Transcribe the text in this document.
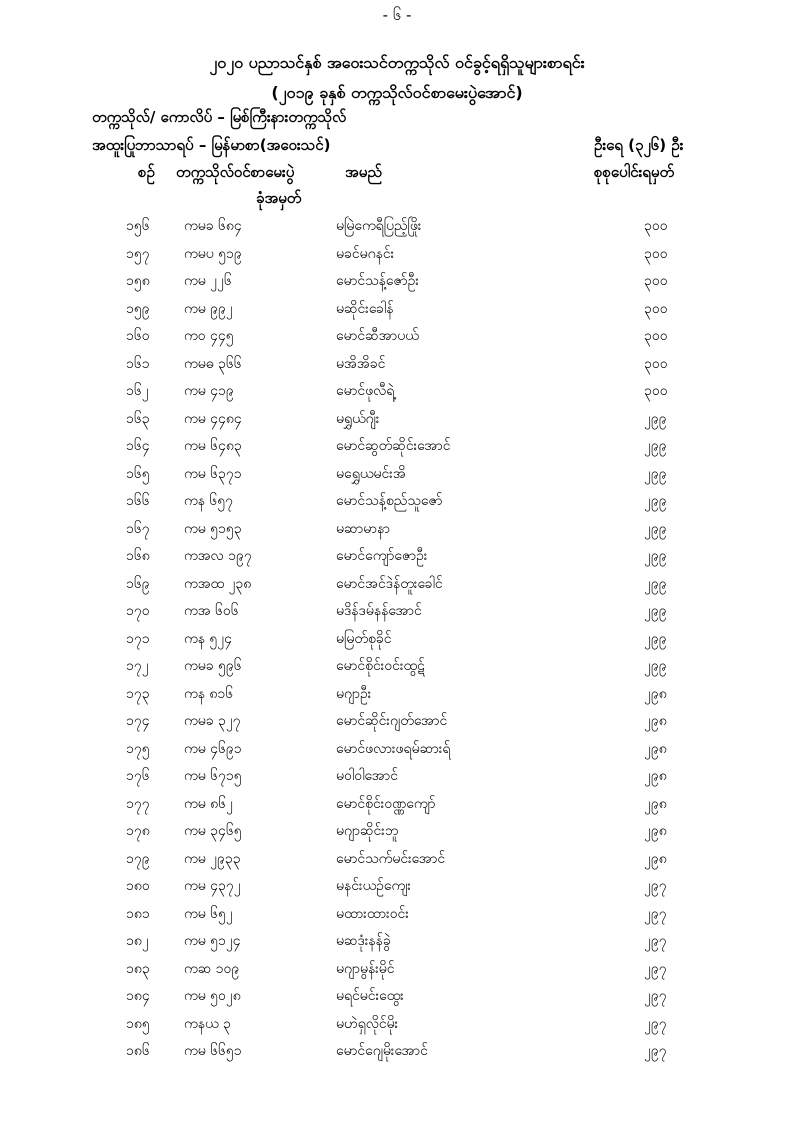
- ၆ -
၂၀၂၀ ပညာသင်နှစ် အဝေးသင်တက္ကသိုလ် ဝင်ခွင့်ရရှိသူများစာရင်း
(၂၀၁၉ ခုနှစ် တက္ကသိုလ်ဝင်စာမေးပွဲအောင်)
တက္ကသိုလ်/ ကောလိပ် – မြစ်ကြီးနားတက္ကသိုလ်
အထူးပြုဘာသာရပ် – မြန်မာစာ(အဝေးသင်)	ဦးရေ (၃၂၆) ဦး
စဉ် တက္ကသိုလ်ဝင်စာမေးပွဲ
ခုံအမှတ်
အမည်	စုစုပေါင်းရမှတ်
၁၅၆ ကမခ ၆၈၄	မမြဲကေရီပြည့်ဖြိုး	၃၀၀
၁၅၇ ကမပ ၅၁၉	မခင်မဂနင်း	၃၀၀
၁၅၈ ကမ ၂၂၆	မောင်သန့်ဇော်ဦး	၃၀၀
၁၅၉ ကမ ၉၉၂	မဆိုင်းခေါန်	၃၀၀
၁၆၀ ကဝ ၄၄၅	မောင်ဆီအာပယ်	၃၀၀
၁၆၁ ကမဓ ၃၆၆	မအိအိခင်	၃၀၀
၁၆၂	ကမ ၄၁၉	မောင်ဖုလီရဲ့	၃၀၀
၁၆၃ ကမ ၄၄၈၄	မရွှယ်ဂျီး	၂၉၉
၁၆၄ ကမ ၆၄၈၃	မောင်ဆွတ်ဆိုင်းအောင်	၂၉၉
၁၆၅ ကမ ၆၃၇၁	မရွှေယမင်းအိ	၂၉၉
၁၆၆ ကန ၆၅၇	မောင်သန့်စည်သူဇော်	၂၉၉
၁၆၇ ကမ ၅၁၅၃	မဆာမာနာ	၂၉၉
၁၆၈ ကအလ ၁၉၇	မောင်ကျော်ဇောဦး	၂၉၉
၁၆၉ ကအထ ၂၃၈	မောင်အင်ဒဲန်တူးခေါင်	၂၉၉
၁၇၀ ကအ ၆၀၆	မဒိန်ဒမ်နန်အောင်	၂၉၉
၁၇၁ ကန ၅၂၄	မမြတ်စုခိုင်	၂၉၉
၁၇၂	ကမခ ၅၉၆	မောင်စိုင်းဝင်းထွဋ်	၂၉၉
၁၇၃ ကန ၈၁၆	မဂျာဦး	၂၉၈
၁၇၄ ကမခ ၃၂၇	မောင်ဆိုင်းဂျတ်အောင်	၂၉၈
၁၇၅ ကမ ၄၆၉၁	မောင်ဖလားဖရမ်ဆားရ်	၂၉၈
၁၇၆ ကမ ၆၇၁၅	မဝါဝါအောင်	၂၉၈
၁၇၇ ကမ ၈၆၂	မောင်စိုင်းဝဏ္ဏကျော်	၂၉၈
၁၇၈ ကမ ၃၄၆၅	မဂျာဆိုင်းဘူ	၂၉၈
၁၇၉ ကမ ၂၉၃၃	မောင်သက်မင်းအောင်	၂၉၈
၁၈၀ ကမ ၄၃၇၂	မနင်းယဉ်ကျေး	၂၉၇
၁၈၁ ကမ ၆၅၂	မထားထားဝင်း	၂၉၇
၁၈၂	ကမ ၅၁၂၄	မဆဒုံးနန်ခွဲ	၂၉၇
၁၈၃ ကဆ ၁၀၉	မဂျာမွန်းမိုင်	၂၉၇
၁၈၄ ကမ ၅၀၂၈	မရင်မင်းထွေး	၂၉၇
၁၈၅ ကနယ ၃	မဟဲရှလိုင်မိုး	၂၉၇
၁၈၆ ကမ ၆၆၅၁	မောင်ဂျေမိုးအောင်	၂၉၇
